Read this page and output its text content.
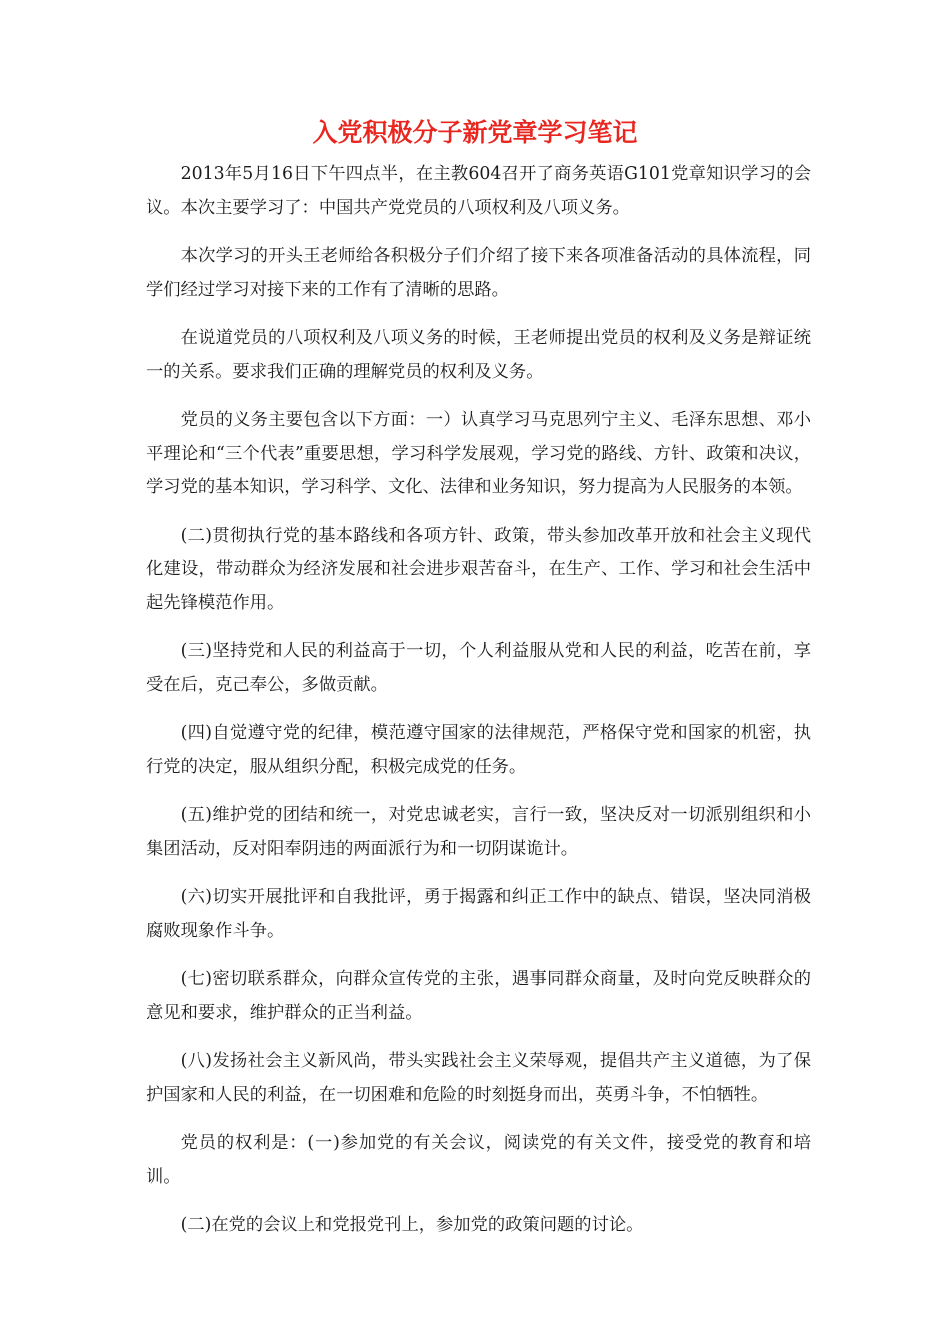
入党积极分子新党章学习笔记

2013年5月16日下午四点半，在主教604召开了商务英语G101党章知识学习的会议。本次主要学习了：中国共产党党员的八项权利及八项义务。

本次学习的开头王老师给各积极分子们介绍了接下来各项准备活动的具体流程，同学们经过学习对接下来的工作有了清晰的思路。

在说道党员的八项权利及八项义务的时候，王老师提出党员的权利及义务是辩证统一的关系。要求我们正确的理解党员的权利及义务。

党员的义务主要包含以下方面：一）认真学习马克思列宁主义、毛泽东思想、邓小平理论和“三个代表”重要思想，学习科学发展观，学习党的路线、方针、政策和决议，学习党的基本知识，学习科学、文化、法律和业务知识，努力提高为人民服务的本领。

(二)贯彻执行党的基本路线和各项方针、政策，带头参加改革开放和社会主义现代化建设，带动群众为经济发展和社会进步艰苦奋斗，在生产、工作、学习和社会生活中起先锋模范作用。

(三)坚持党和人民的利益高于一切，个人利益服从党和人民的利益，吃苦在前，享受在后，克己奉公，多做贡献。

(四)自觉遵守党的纪律，模范遵守国家的法律规范，严格保守党和国家的机密，执行党的决定，服从组织分配，积极完成党的任务。

(五)维护党的团结和统一，对党忠诚老实，言行一致，坚决反对一切派别组织和小集团活动，反对阳奉阴违的两面派行为和一切阴谋诡计。

(六)切实开展批评和自我批评，勇于揭露和纠正工作中的缺点、错误，坚决同消极腐败现象作斗争。

(七)密切联系群众，向群众宣传党的主张，遇事同群众商量，及时向党反映群众的意见和要求，维护群众的正当利益。

(八)发扬社会主义新风尚，带头实践社会主义荣辱观，提倡共产主义道德，为了保护国家和人民的利益，在一切困难和危险的时刻挺身而出，英勇斗争，不怕牺牲。

党员的权利是：(一)参加党的有关会议，阅读党的有关文件，接受党的教育和培训。

(二)在党的会议上和党报党刊上，参加党的政策问题的讨论。
